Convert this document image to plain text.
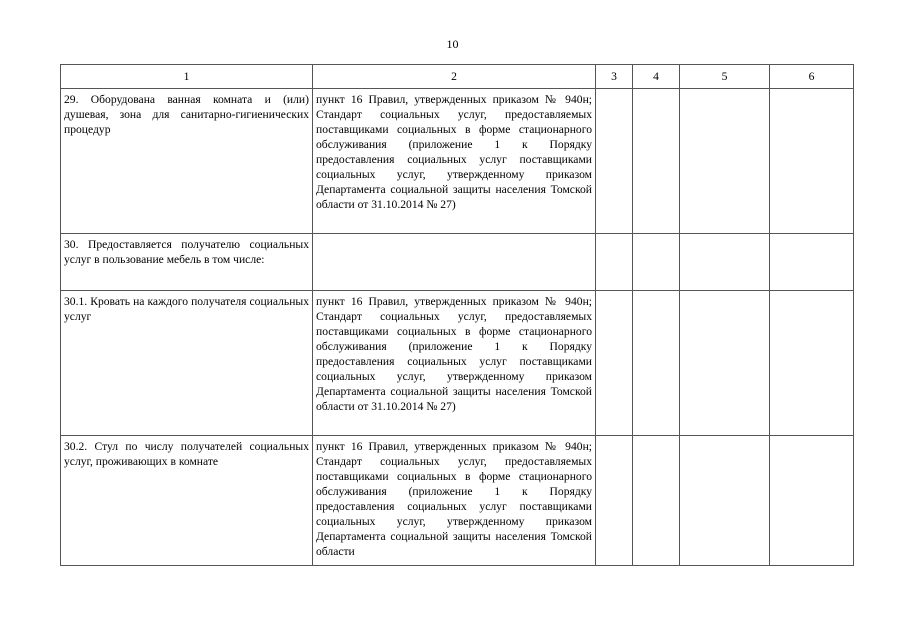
10
1	2	3	4	5	6

29. Оборудована ванная комната и (или) душевая, зона для санитарно-гигиенических процедур	пункт 16 Правил, утвержденных приказом № 940н; Стандарт социальных услуг, предоставляемых поставщиками социальных в форме стационарного обслуживания (приложение 1 к Порядку предоставления социальных услуг поставщиками социальных услуг, утвержденному приказом Департамента социальной защиты населения Томской области от 31.10.2014 № 27)				

30. Предоставляется получателю социальных услуг в пользование мебель в том числе:					

30.1. Кровать на каждого получателя социальных услуг	пункт 16 Правил, утвержденных приказом № 940н; Стандарт социальных услуг, предоставляемых поставщиками социальных в форме стационарного обслуживания (приложение 1 к Порядку предоставления социальных услуг поставщиками социальных услуг, утвержденному приказом Департамента социальной защиты населения Томской области от 31.10.2014 № 27)				

30.2. Стул по числу получателей социальных услуг, проживающих в комнате	пункт 16 Правил, утвержденных приказом № 940н; Стандарт социальных услуг, предоставляемых поставщиками социальных в форме стационарного обслуживания (приложение 1 к Порядку предоставления социальных услуг поставщиками социальных услуг, утвержденному приказом Департамента социальной защиты населения Томской области				
